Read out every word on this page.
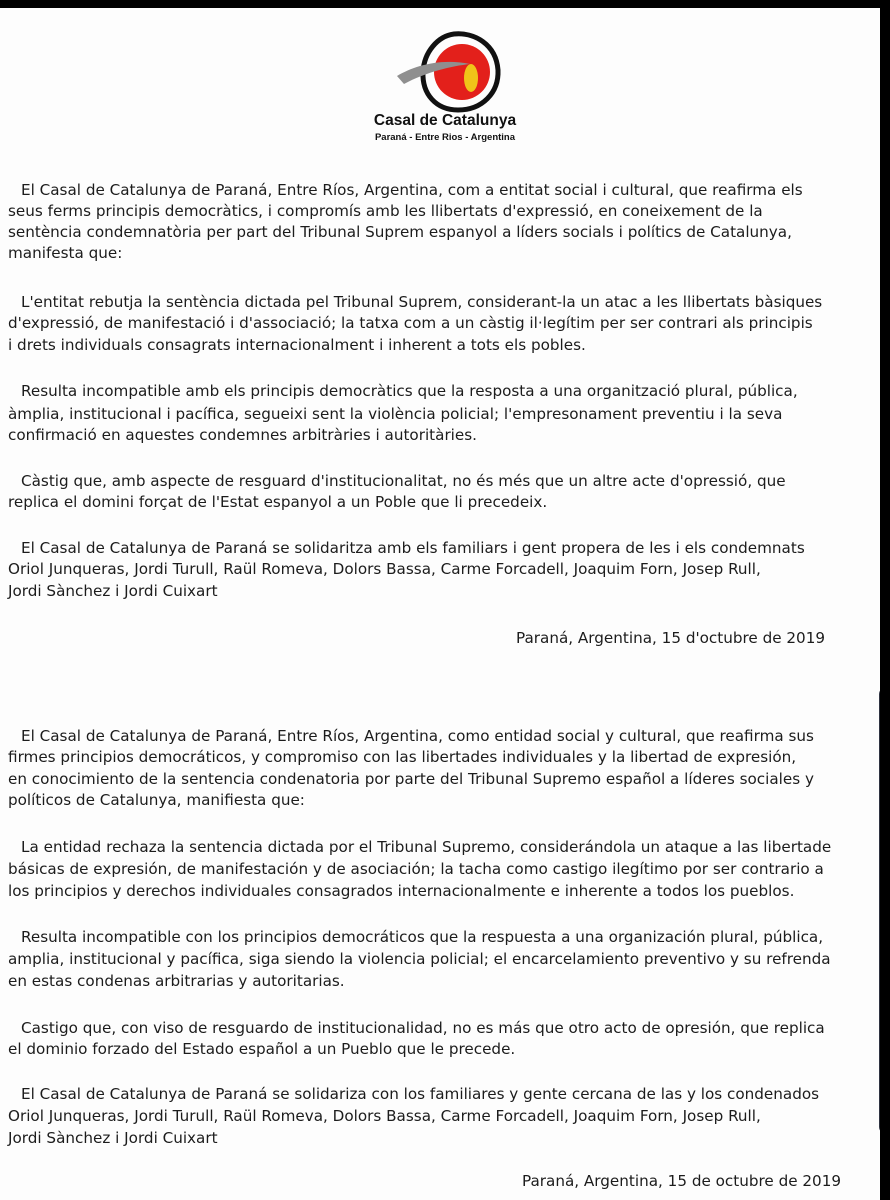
Casal de Catalunya
Paraná - Entre Rios - Argentina
El Casal de Catalunya de Paraná, Entre Ríos, Argentina, com a entitat social i cultural, que reafirma els
seus ferms principis democràtics, i compromís amb les llibertats d'expressió, en coneixement de la
sentència condemnatòria per part del Tribunal Suprem espanyol a líders socials i polítics de Catalunya,
manifesta que:
L'entitat rebutja la sentència dictada pel Tribunal Suprem, considerant-la un atac a les llibertats bàsiques
d'expressió, de manifestació i d'associació; la tatxa com a un càstig il·legítim per ser contrari als principis
i drets individuals consagrats internacionalment i inherent a tots els pobles.
Resulta incompatible amb els principis democràtics que la resposta a una organització plural, pública,
àmplia, institucional i pacífica, segueixi sent la violència policial; l'empresonament preventiu i la seva
confirmació en aquestes condemnes arbitràries i autoritàries.
Càstig que, amb aspecte de resguard d'institucionalitat, no és més que un altre acte d'opressió, que
replica el domini forçat de l'Estat espanyol a un Poble que li precedeix.
El Casal de Catalunya de Paraná se solidaritza amb els familiars i gent propera de les i els condemnats
Oriol Junqueras, Jordi Turull, Raül Romeva, Dolors Bassa, Carme Forcadell, Joaquim Forn, Josep Rull,
Jordi Sànchez i Jordi Cuixart
Paraná, Argentina, 15 d'octubre de 2019
El Casal de Catalunya de Paraná, Entre Ríos, Argentina, como entidad social y cultural, que reafirma sus
firmes principios democráticos, y compromiso con las libertades individuales y la libertad de expresión,
en conocimiento de la sentencia condenatoria por parte del Tribunal Supremo español a líderes sociales y
políticos de Catalunya, manifiesta que:
La entidad rechaza la sentencia dictada por el Tribunal Supremo, considerándola un ataque a las libertade
básicas de expresión, de manifestación y de asociación; la tacha como castigo ilegítimo por ser contrario a
los principios y derechos individuales consagrados internacionalmente e inherente a todos los pueblos.
Resulta incompatible con los principios democráticos que la respuesta a una organización plural, pública,
amplia, institucional y pacífica, siga siendo la violencia policial; el encarcelamiento preventivo y su refrenda
en estas condenas arbitrarias y autoritarias.
Castigo que, con viso de resguardo de institucionalidad, no es más que otro acto de opresión, que replica
el dominio forzado del Estado español a un Pueblo que le precede.
El Casal de Catalunya de Paraná se solidariza con los familiares y gente cercana de las y los condenados
Oriol Junqueras, Jordi Turull, Raül Romeva, Dolors Bassa, Carme Forcadell, Joaquim Forn, Josep Rull,
Jordi Sànchez i Jordi Cuixart
Paraná, Argentina, 15 de octubre de 2019
